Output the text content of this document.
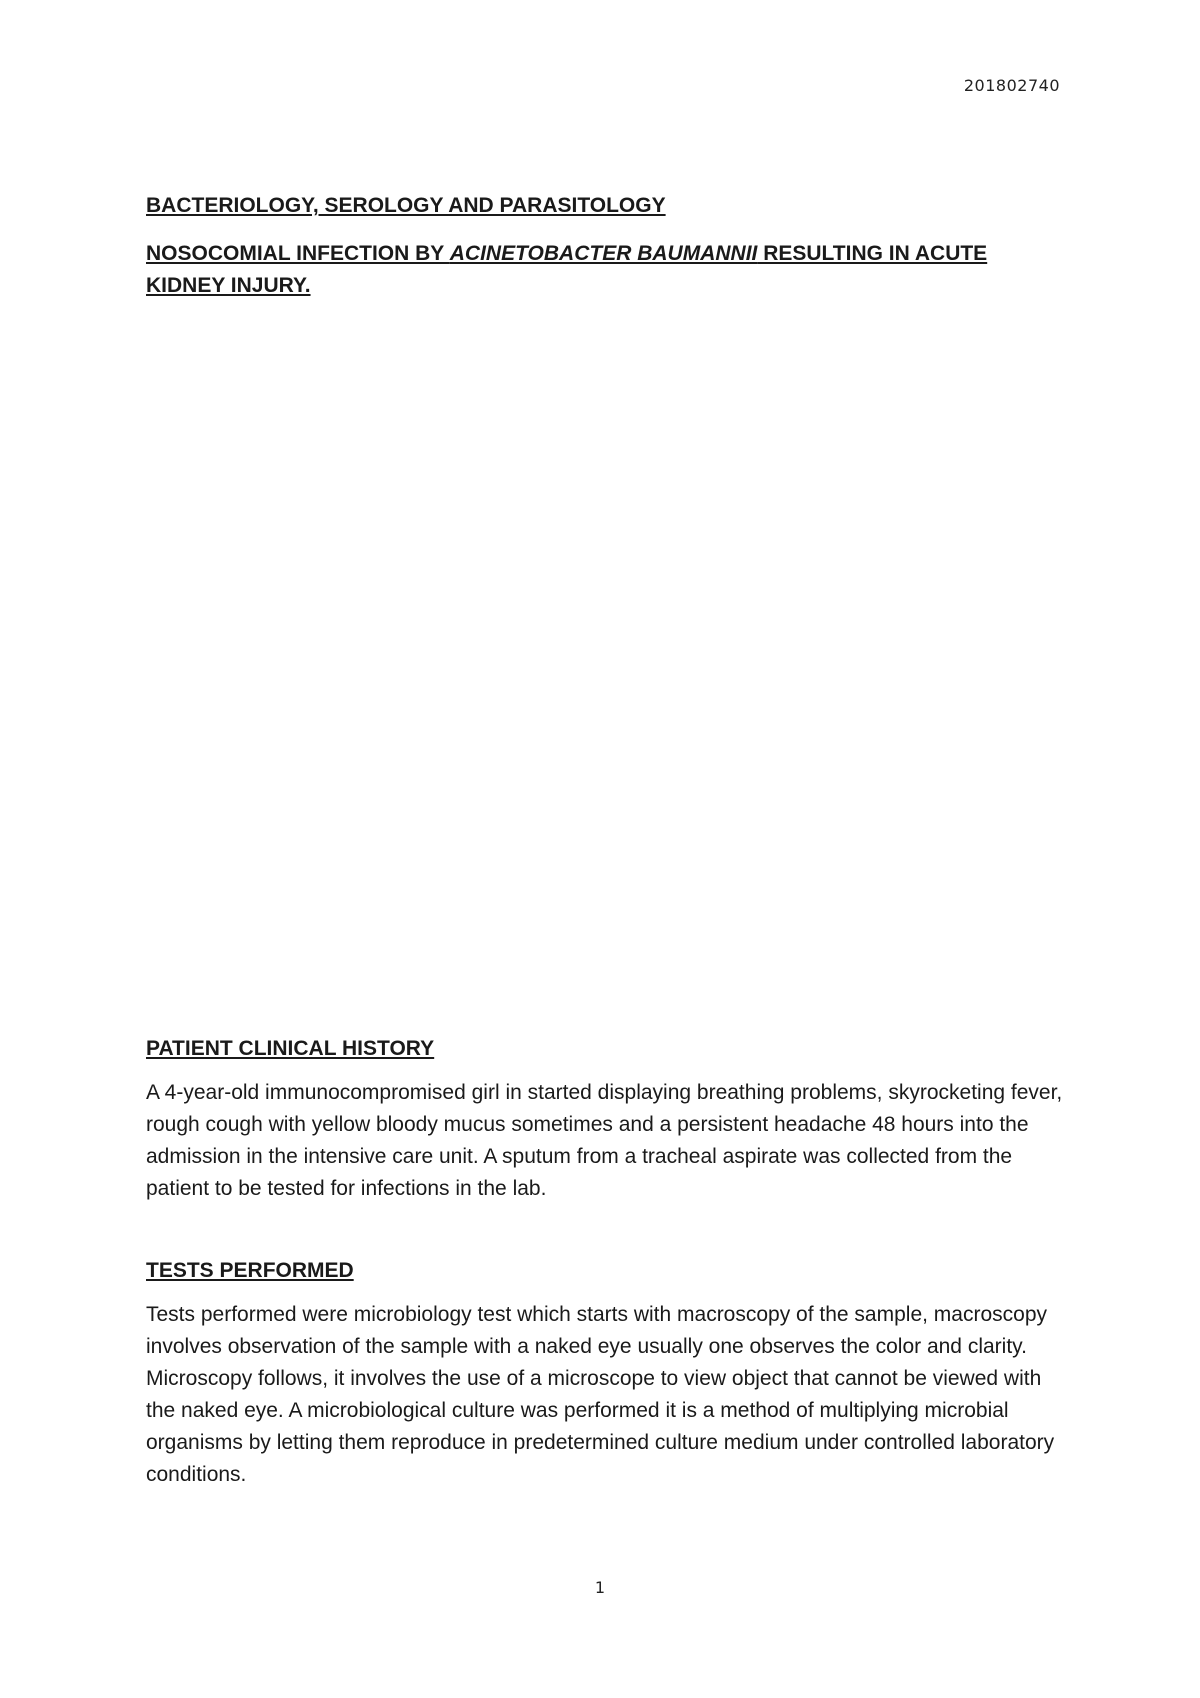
201802740

BACTERIOLOGY, SEROLOGY AND PARASITOLOGY

NOSOCOMIAL INFECTION BY ACINETOBACTER BAUMANNII RESULTING IN ACUTE KIDNEY INJURY.

PATIENT CLINICAL HISTORY

A 4-year-old immunocompromised girl in started displaying breathing problems, skyrocketing fever, rough cough with yellow bloody mucus sometimes and a persistent headache 48 hours into the admission in the intensive care unit. A sputum from a tracheal aspirate was collected from the patient to be tested for infections in the lab.

TESTS PERFORMED

Tests performed were microbiology test which starts with macroscopy of the sample, macroscopy involves observation of the sample with a naked eye usually one observes the color and clarity. Microscopy follows, it involves the use of a microscope to view object that cannot be viewed with the naked eye. A microbiological culture was performed it is a method of multiplying microbial organisms by letting them reproduce in predetermined culture medium under controlled laboratory conditions.

1
